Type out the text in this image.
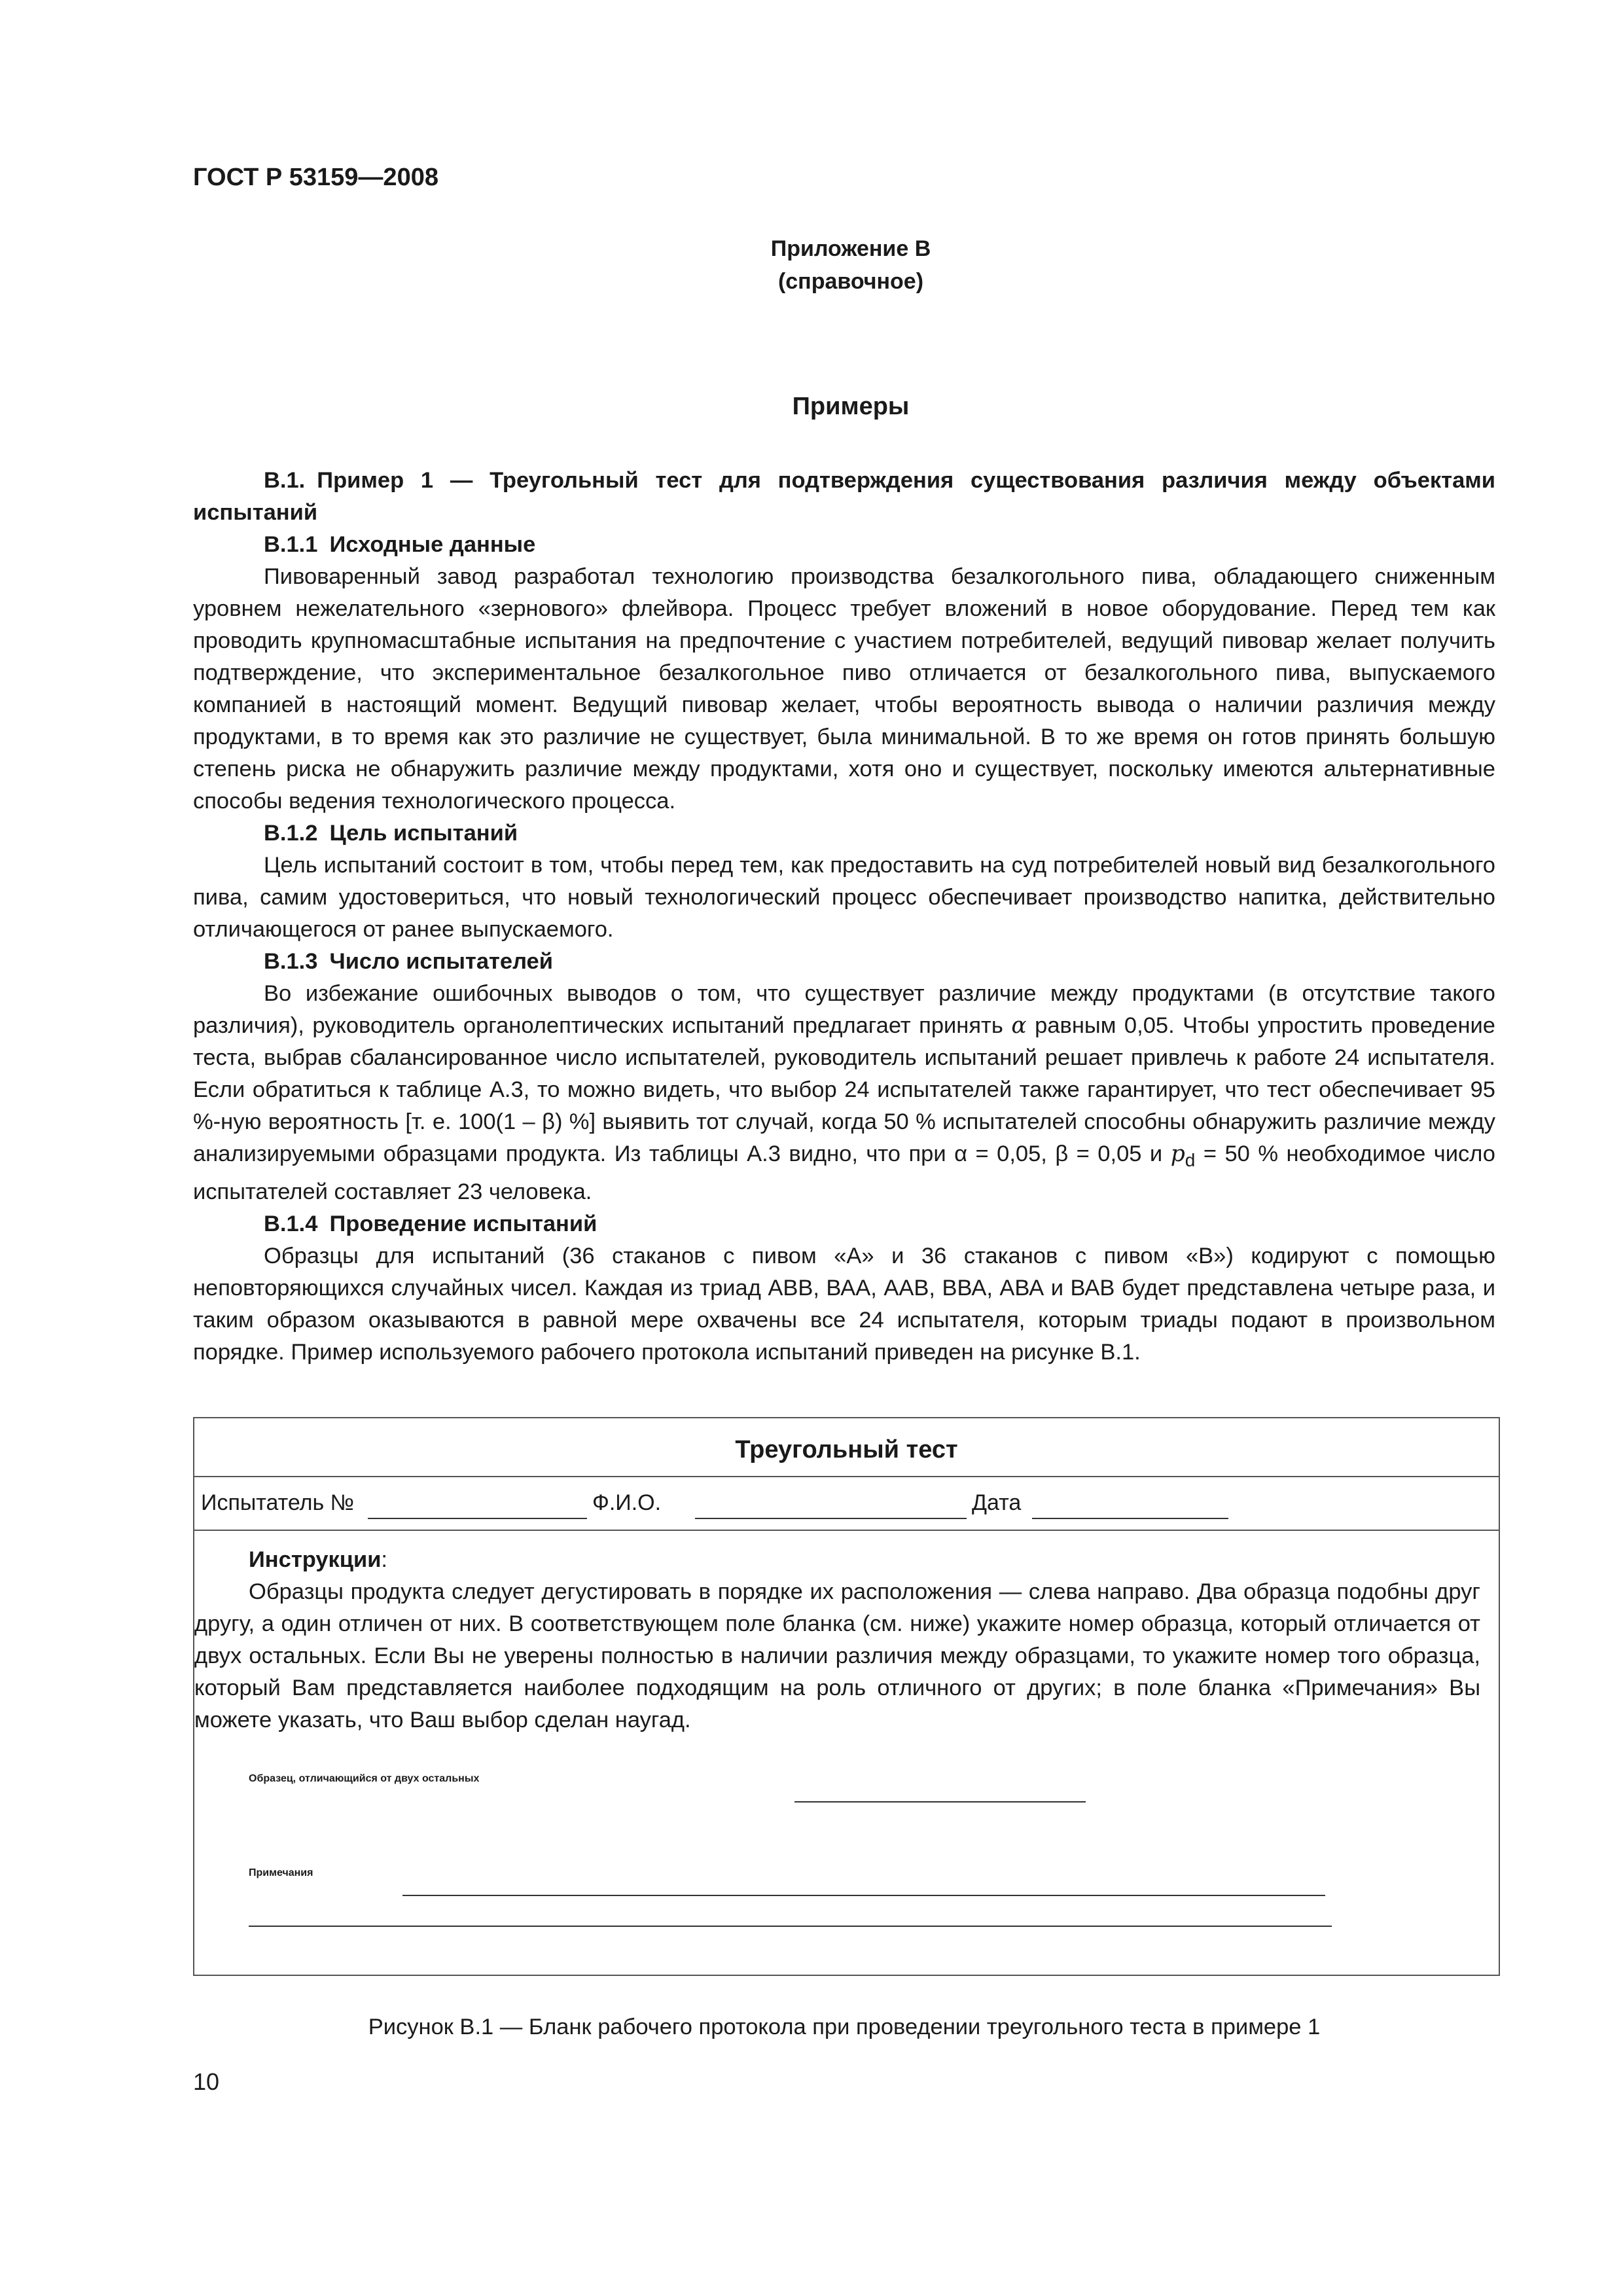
ГОСТ Р 53159—2008
Приложение В
(справочное)
Примеры

В.1. Пример 1 — Треугольный тест для подтверждения существования различия между объектами испытаний

В.1.1 Исходные данные

Пивоваренный завод разработал технологию производства безалкогольного пива, обладающего сниженным уровнем нежелательного «зернового» флейвора. Процесс требует вложений в новое оборудование. Перед тем как проводить крупномасштабные испытания на предпочтение с участием потребителей, ведущий пивовар желает получить подтверждение, что экспериментальное безалкогольное пиво отличается от безалкогольного пива, выпускаемого компанией в настоящий момент. Ведущий пивовар желает, чтобы вероятность вывода о наличии различия между продуктами, в то время как это различие не существует, была минимальной. В то же время он готов принять большую степень риска не обнаружить различие между продуктами, хотя оно и существует, поскольку имеются альтернативные способы ведения технологического процесса.

В.1.2 Цель испытаний

Цель испытаний состоит в том, чтобы перед тем, как предоставить на суд потребителей новый вид безалкогольного пива, самим удостовериться, что новый технологический процесс обеспечивает производство напитка, действительно отличающегося от ранее выпускаемого.

В.1.3 Число испытателей

Во избежание ошибочных выводов о том, что существует различие между продуктами (в отсутствие такого различия), руководитель органолептических испытаний предлагает принять α равным 0,05. Чтобы упростить проведение теста, выбрав сбалансированное число испытателей, руководитель испытаний решает привлечь к работе 24 испытателя. Если обратиться к таблице А.3, то можно видеть, что выбор 24 испытателей также гарантирует, что тест обеспечивает 95 %-ную вероятность [т. е. 100(1 – β) %] выявить тот случай, когда 50 % испытателей способны обнаружить различие между анализируемыми образцами продукта. Из таблицы А.3 видно, что при α = 0,05, β = 0,05 и $p_d = 50$ % необходимое число испытателей составляет 23 человека.

В.1.4 Проведение испытаний

Образцы для испытаний (36 стаканов с пивом «А» и 36 стаканов с пивом «В») кодируют с помощью неповторяющихся случайных чисел. Каждая из триад АВВ, ВАА, ААВ, ВВА, АВА и ВАВ будет представлена четыре раза, и таким образом оказываются в равной мере охвачены все 24 испытателя, которым триады подают в произвольном порядке. Пример используемого рабочего протокола испытаний приведен на рисунке В.1.

Треугольный тест
Испытатель №	Ф.И.О.	Дата
Инструкции:

Образцы продукта следует дегустировать в порядке их расположения — слева направо. Два образца подобны друг другу, а один отличен от них. В соответствующем поле бланка (см. ниже) укажите номер образца, который отличается от двух остальных. Если Вы не уверены полностью в наличии различия между образцами, то укажите номер того образца, который Вам представляется наиболее подходящим на роль отличного от других; в поле бланка «Примечания» Вы можете указать, что Ваш выбор сделан наугад.

Образец, отличающийся от двух остальных
Примечания
Рисунок В.1 — Бланк рабочего протокола при проведении треугольного теста в примере 1
10
